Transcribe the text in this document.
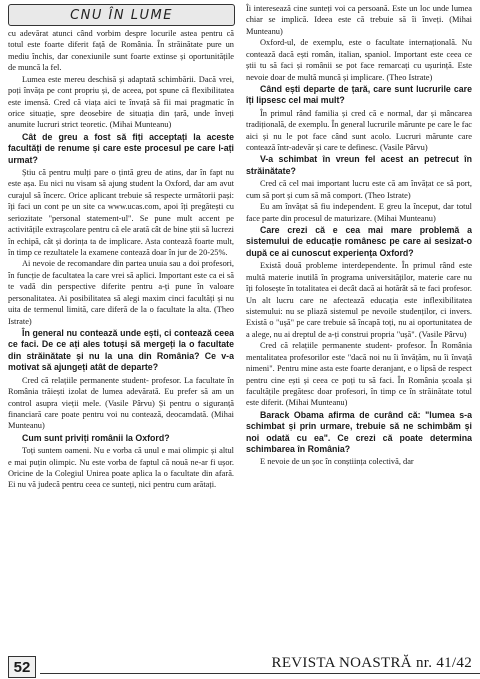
CNU ÎN LUME

cu adevărat atunci când vorbim despre locurile astea pentru că totul este foarte diferit față de România. În străinătate pure un mediu închis, dar conexiunile sunt foarte extinse și oportunitățile de muncă la fel.

Lumea este mereu deschisă și adaptată schimbării. Dacă vrei, poți învăța pe cont propriu și, de aceea, pot spune că flexibilitatea este imensă. Cred că viața aici te învață să fii mai pragmatic în orice situație, spre deosebire de situația din țară, unde înveți anumite lucruri strict teoretic. (Mihai Munteanu)

Cât de greu a fost să fiți acceptați la aceste facultăți de renume și care este procesul pe care l-ați urmat?

Știu că pentru mulți pare o țintă greu de atins, dar în fapt nu este așa. Eu nici nu visam să ajung student la Oxford, dar am avut curajul să încerc. Orice aplicant trebuie să respecte următorii pași: îți faci un cont pe un site ca www.ucas.com, apoi îți pregătești cu seriozitate "personal statement-ul". Se pune mult accent pe activitățile extrașcolare pentru că ele arată cât de bine știi să lucrezi în echipă, cât și dorința ta de implicare. Asta contează foarte mult, în timp ce rezultatele la examene contează doar în jur de 20-25%.

Ai nevoie de recomandare din partea unuia sau a doi profesori, în funcție de facultatea la care vrei să aplici. Important este ca ei să te vadă din perspective diferite pentru a-ți pune în valoare personalitatea. Ai posibilitatea să alegi maxim cinci facultăți și nu uita de termenul limită, care diferă de la o facultate la alta. (Theo Istrate)

În general nu contează unde ești, ci contează ceea ce faci. De ce ați ales totuși să mergeți la o facultate din străinătate și nu la una din România? Ce v-a motivat să ajungeți atât de departe?

Cred că relațiile permanente student- profesor. La facultate în România trăiești izolat de lumea adevărată. Eu prefer să am un control asupra vieții mele. (Vasile Pârvu) Și pentru o siguranță financiară care poate pentru voi nu contează, deocamdată. (Mihai Munteanu)

Cum sunt priviți românii la Oxford?

Toți suntem oameni. Nu e vorba că unul e mai olimpic și altul e mai puțin olimpic. Nu este vorba de faptul că nouă ne-ar fi ușor. Oricine de la Colegiul Unirea poate aplica la o facultate din afară. Ei nu vă judecă pentru ceea ce sunteți, nici pentru cum arătați.

Îi interesează cine sunteți voi ca persoană. Este un loc unde lumea chiar se implică. Ideea este că trebuie să îi înveți. (Mihai Munteanu)

Oxford-ul, de exemplu, este o facultate internațională. Nu contează dacă ești român, italian, spaniol. Important este ceea ce știi tu să faci și românii se pot face remarcați cu ușurință. Este nevoie doar de multă muncă și implicare. (Theo Istrate)

Când ești departe de țară, care sunt lucrurile care îți lipsesc cel mai mult?

În primul rând familia și cred că e normal, dar și mâncarea tradițională, de exemplu. În general lucrurile mărunte pe care le fac aici și nu le pot face când sunt acolo. Lucruri mărunte care contează într-adevăr și care te definesc. (Vasile Pârvu)

V-a schimbat în vreun fel acest an petrecut în străinătate?

Cred că cel mai important lucru este că am învățat ce să port, cum să port și cum să mă comport. (Theo Istrate)

Eu am învățat să fiu independent. E greu la început, dar totul face parte din procesul de maturizare. (Mihai Munteanu)

Care crezi că e cea mai mare problemă a sistemului de educație românesc pe care ai sesizat-o după ce ai cunoscut experiența Oxford?

Există două probleme interdependente. În primul rând este multă materie inutilă în programa universităților, materie care nu îți folosește în totalitatea ei decât dacă ai hotărât să te faci profesor. Un alt lucru care ne afectează educația este inflexibilitatea sistemului: nu se pliază sistemul pe nevoile studenților, ci invers. Există o "ușă" pe care trebuie să încapă toți, nu ai oportunitatea de a alege, nu ai dreptul de a-ți construi propria "ușă". (Vasile Pârvu)

Cred că relațiile permanente student- profesor. În România mentalitatea profesorilor este "dacă noi nu îi învățăm, nu îi învață nimeni". Pentru mine asta este foarte deranjant, e o lipsă de respect pentru cine ești și ceea ce poți tu să faci. În România școala și facultățile pregătesc doar profesori, în timp ce în străinătate totul este diferit. (Mihai Munteanu)

Barack Obama afirma de curând că: "lumea s-a schimbat și prin urmare, trebuie să ne schimbăm și noi odată cu ea". Ce crezi că poate determina schimbarea în România?

E nevoie de un șoc în conștiința colectivă, dar

52	REVISTA NOASTRĂ nr. 41/42
